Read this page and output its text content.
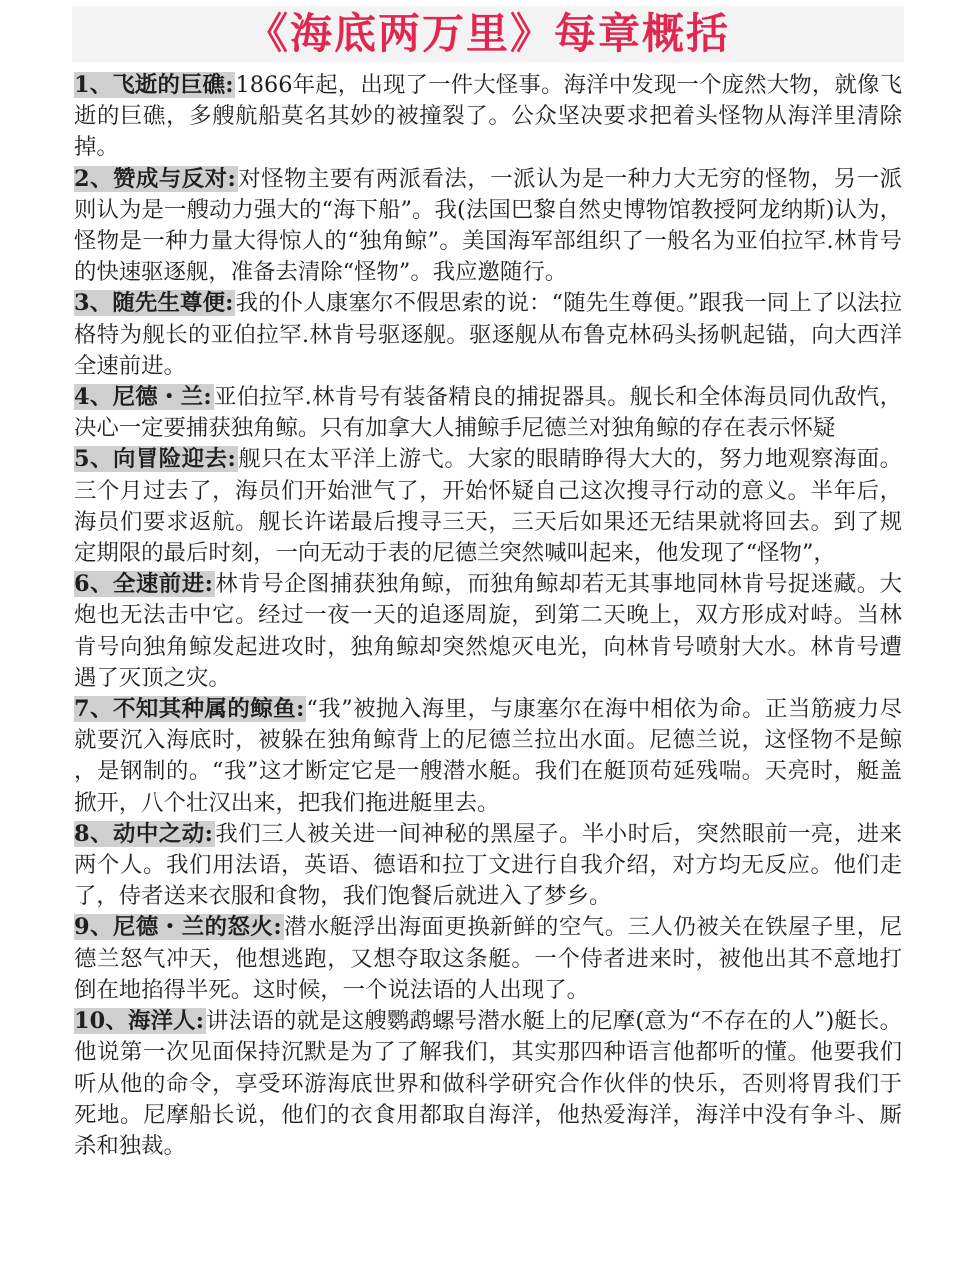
《海底两万里》每章概括

1、飞逝的巨礁:1866年起，出现了一件大怪事。海洋中发现一个庞然大物，就像飞逝的巨礁，多艘航船莫名其妙的被撞裂了。公众坚决要求把着头怪物从海洋里清除掉。

2、赞成与反对:对怪物主要有两派看法，一派认为是一种力大无穷的怪物，另一派则认为是一艘动力强大的“海下船”。我(法国巴黎自然史博物馆教授阿龙纳斯)认为，怪物是一种力量大得惊人的“独角鲸”。美国海军部组织了一般名为亚伯拉罕.林肯号的快速驱逐舰，准备去清除“怪物”。我应邀随行。

3、随先生尊便:我的仆人康塞尔不假思索的说：“随先生尊便。”跟我一同上了以法拉格特为舰长的亚伯拉罕.林肯号驱逐舰。驱逐舰从布鲁克林码头扬帆起锚，向大西洋全速前进。

4、尼德・兰:亚伯拉罕.林肯号有装备精良的捕捉器具。舰长和全体海员同仇敌忾，决心一定要捕获独角鲸。只有加拿大人捕鲸手尼德兰对独角鲸的存在表示怀疑

5、向冒险迎去:舰只在太平洋上游弋。大家的眼睛睁得大大的，努力地观察海面。三个月过去了，海员们开始泄气了，开始怀疑自己这次搜寻行动的意义。半年后，海员们要求返航。舰长许诺最后搜寻三天，三天后如果还无结果就将回去。到了规定期限的最后时刻，一向无动于表的尼德兰突然喊叫起来，他发现了“怪物”，

6、全速前进:林肯号企图捕获独角鲸，而独角鲸却若无其事地同林肯号捉迷藏。大炮也无法击中它。经过一夜一天的追逐周旋，到第二天晚上，双方形成对峙。当林肯号向独角鲸发起进攻时，独角鲸却突然熄灭电光，向林肯号喷射大水。林肯号遭遇了灭顶之灾。

7、不知其种属的鲸鱼:“我”被抛入海里，与康塞尔在海中相依为命。正当筋疲力尽就要沉入海底时，被躲在独角鲸背上的尼德兰拉出水面。尼德兰说，这怪物不是鲸，是钢制的。“我”这才断定它是一艘潜水艇。我们在艇顶苟延残喘。天亮时，艇盖掀开，八个壮汉出来，把我们拖进艇里去。

8、动中之动:我们三人被关进一间神秘的黑屋子。半小时后，突然眼前一亮，进来两个人。我们用法语，英语、德语和拉丁文进行自我介绍，对方均无反应。他们走了，侍者送来衣服和食物，我们饱餐后就进入了梦乡。

9、尼德・兰的怒火:潜水艇浮出海面更换新鲜的空气。三人仍被关在铁屋子里，尼德兰怒气冲天，他想逃跑，又想夺取这条艇。一个侍者进来时，被他出其不意地打倒在地掐得半死。这时候，一个说法语的人出现了。

10、海洋人:讲法语的就是这艘鹦鹉螺号潜水艇上的尼摩(意为“不存在的人”)艇长。他说第一次见面保持沉默是为了了解我们，其实那四种语言他都听的懂。他要我们听从他的命令，享受环游海底世界和做科学研究合作伙伴的快乐，否则将胃我们于死地。尼摩船长说，他们的衣食用都取自海洋，他热爱海洋，海洋中没有争斗、厮杀和独裁。
